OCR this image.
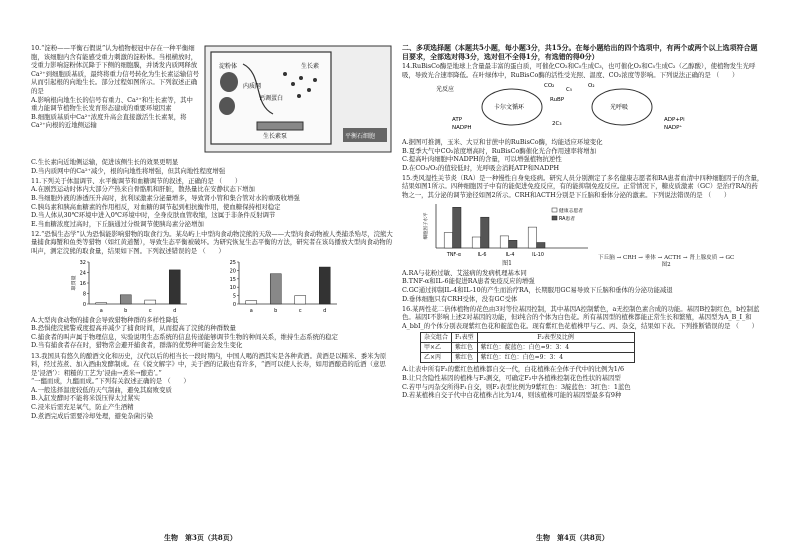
10.“淀粉——平衡石假说”认为植物根冠中存在一种平衡细胞，该细胞内含有能感受重力刺激的淀粉体。当根横放时，受重力影响淀粉体沉降于下侧的细胞膜，并诱发内质网释放Ca²⁺到细胞质基质，最终将重力信号转化为生长素运输信号从而引起根的向地生长。部分过程如图所示。下列叙述正确的是

A.影响根向地生长的信号有重力、Ca²⁺和生长素等，其中重力能调节植物生长发育形态建成的重要环境因素

B.细胞质基质中Ca²⁺浓度升高会直接激活生长素泵，将Ca²⁺向根的近地侧运输

淀粉体
内质网
钙调蛋白
生长素
生长素泵	平衡石细胞

C.生长素向近地侧运输，促进该侧生长的效果更明显

D.当内质网中的Ca²⁺减少，根的向地性将增强，但其向地性程度增强

11.下列关于体温调节、水平衡调节和血糖调节的叙述，正确的是 （　　）

A.在剧烈运动时体内大部分产热来自骨骼肌和肝脏，散热量比在安静状态下增加

B.当细胞外液的渗透压升高时，抗利尿激素分泌量增多，导致肾小管和集合管对水的重吸收增强

C.胰岛素和胰高血糖素的作用相反，对血糖的调节起到相抗衡作用，使血糖保持相对稳定

D.当人体从30℃环境中进入0℃环境中时，全身皮肤血管收缩，这属于非条件反射调节

E.当血糖浓度过高时，下丘脑通过分级调节使胰岛素分泌增加

12.“恐惧生态学”认为恐惧能影响猎物的取食行为。某岛屿上中型肉食动物浣熊的天敌——大型肉食动物被人类捕杀殆尽，浣熊大量捕食海蟹和鱼类等猎物（如红黄道蟹），导致生态平衡被破坏。为研究恢复生态平衡的方法，研究者在该岛播放大型肉食动物的叫声，测定浣熊的取食量，结果如下图。下列叙述错误的是 （　　）

0
8
16
24
32
a	b	c	d
取食量
0
5
10
15
20
25
a	b	c	d

A.大型肉食动物的捕食会导致猎物种群的多样性降低

B.恐惧使浣熊警戒度提高并减少了捕食时间，从而提高了浣熊的种群数量

C.捕食者的叫声属于物理信息，实验说明生态系统的信息传递能够调节生物的种间关系，维持生态系统的稳定

D.当有捕食者存在时，猎物常会避开捕食者，群落的优势种可能会发生变化

13.我国具有悠久的酿酒文化和历史，汉代以后的相当长一段时期内，中国人喝的酒其实是各种黄酒。黄酒是以糯米、黍米为原料，经过蒸煮、加入酒曲发酵制成。在《说文解字》中，关于酒的记载也有许多，“酒可以使人长寿，如用酒酿造的卮酒（意思是‘浸酒’）：粗糙的工艺为‘浸曲→煮米→酿造’。”

“一醞而成，九醞而成。”下列有关叙述正确的是 （　　）

A.一般选择温度较低的天气制曲，避免其腐败变质

B.入缸发酵时不能将米饭压得太过紧实

C.浸米后需充足氧气，防止产生酒精

D.煮酒完成后需要冷却处理，避免杂菌污染

生物　第3页（共8页）

二、多项选择题（本题共5小题，每小题3分，共15分。在每小题给出的四个选项中，有两个或两个以上选项符合题目要求，全部选对得3分，选对但不全得1分，有选错的得0分）

14.RuBisCo酶是地球上含量最丰富的蛋白质，可催化CO₂和C₅生成C₃，也可催化O₂和C₅生成C₂（乙醇酸），使植物发生光呼吸，导致光合速率降低。在叶绿体中，RuBisCo酶的活性受光照、温度、CO₂浓度等影响。下列说法正确的是 （　　）

光反应
卡尔文循环
ATP
NADPH
光呼吸
ADP+Pi
NADP⁺
2C₃
C₅
CO₂	O₂
RuBP

A.据图可推测，玉米、大豆和甘蔗中的RuBisCo酶，均能适应环境变化

B.夏季大气中CO₂浓度增高时，RuBisCo酶催化光合作用速率将增加

C.提高叶肉细胞中NADPH的含量，可以增强植物抗逆性

D.在CO₂/O₂的值较低时，光呼吸会消耗ATP和NADPH

15.类风湿性关节炎（RA）是一种慢性自身免疫病。研究人员分别测定了多名健康志愿者和RA患者血清中四种细胞因子的含量，结果如图1所示。四种细胞因子中有的能促进免疫反应，有的能抑制免疫反应。正常情况下，糖皮质激素（GC）是治疗RA的药物之一，其分泌的调节途径如图2所示。CRH和ACTH分别是下丘脑和垂体分泌的激素。下列说法错误的是 （　　）

细胞因子水平
TNF-α	IL-6	IL-4	IL-10
健康志愿者
RA患者
图1
下丘脑 → CRH → 垂体 → ACTH → 肾上腺皮质 → GC
图2

A.RA与花粉过敏、艾滋病的发病机理基本同

B.TNF-α和IL-6能促进RA患者免疫反应的增强

C.GC通过抑制IL-4和IL-10的产生而治疗RA，长期服用GC易导致下丘脑和垂体的分泌功能减退

D.垂体细胞只有CRH受体，没有GC受体

16.某两性花二倍体植物的花色由3对等位基因控制，其中基因A控制紫色，a无控制色素合成的功能。基因B控制红色，b控制蓝色。基因I不影响上述2对基因的功能，但i纯合的个体为白色花。所有基因型的植株都能正常生长和繁殖，基因型为A_B_I_和A_bbI_的个体分别表现紫红色花和靛蓝色花。现有紫红色花植株甲与乙、丙、杂交，结果如下表。下列推断错误的是 （　　）

杂交组合	F₁表型	F₂表型及比例
甲×乙	紫红色	紫红色：靛蓝色：白色=9：3：4
乙×丙	紫红色	紫红色：红色：白色=9：3：4

A.让表中所有F₂的紫红色植株都自交一代，白花植株在全体子代中的比例为1/6

B.让只含隐性基因的植株与F₂测交，可确定F₂中各植株控制花色性状的基因型

C.若甲与丙杂交所得F₁自交，则F₂表型比例为9紫红色：3靛蓝色：3红色：1蓝色

D.若某植株自交子代中白花植株占比为1/4，则该植株可能的基因型最多有9种

生物　第4页（共8页）
